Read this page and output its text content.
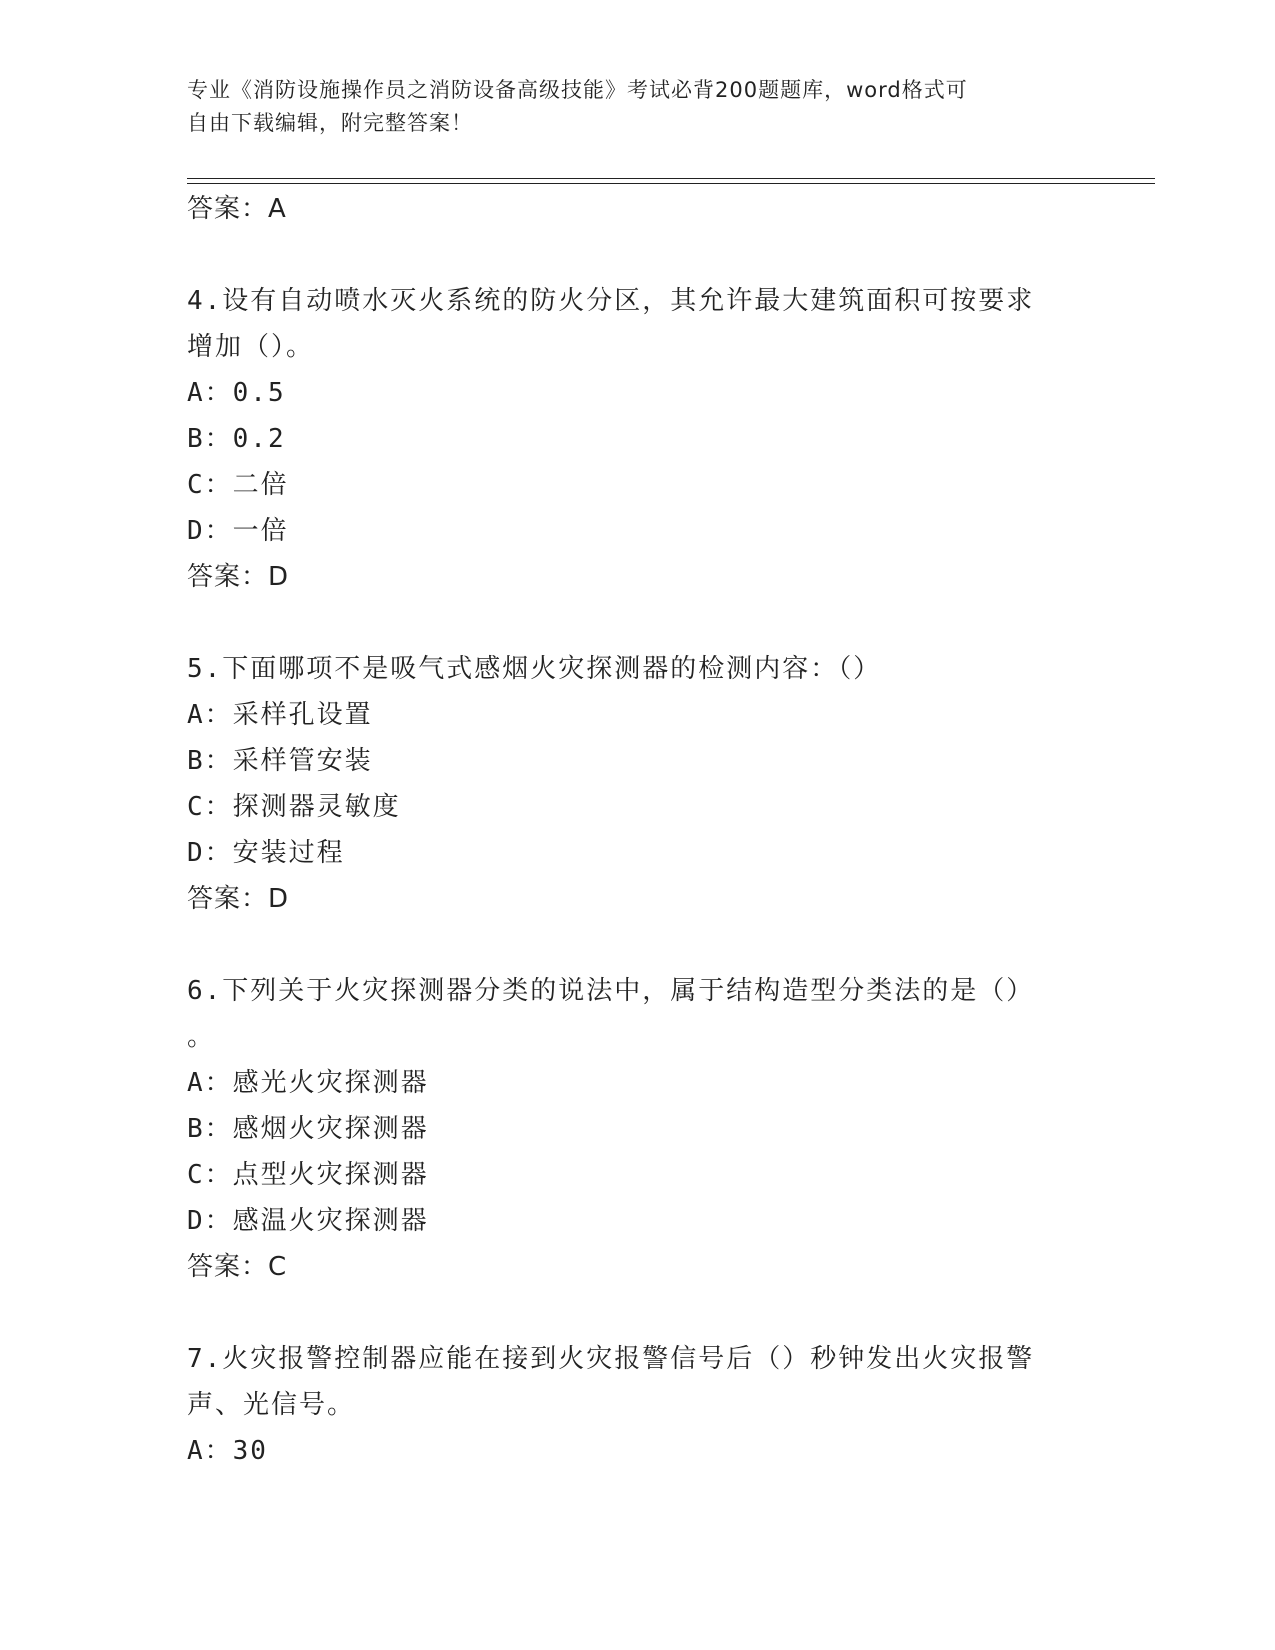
专业《消防设施操作员之消防设备高级技能》考试必背200题题库，word格式可
自由下载编辑，附完整答案！
答案：A
4.设有自动喷水灭火系统的防火分区，其允许最大建筑面积可按要求
增加（）。
A：0.5
B：0.2
C：二倍
D：一倍
答案：D
5.下面哪项不是吸气式感烟火灾探测器的检测内容：（）
A：采样孔设置
B：采样管安装
C：探测器灵敏度
D：安装过程
答案：D
6.下列关于火灾探测器分类的说法中，属于结构造型分类法的是（）
。
A：感光火灾探测器
B：感烟火灾探测器
C：点型火灾探测器
D：感温火灾探测器
答案：C
7.火灾报警控制器应能在接到火灾报警信号后（）秒钟发出火灾报警
声、光信号。
A：30
